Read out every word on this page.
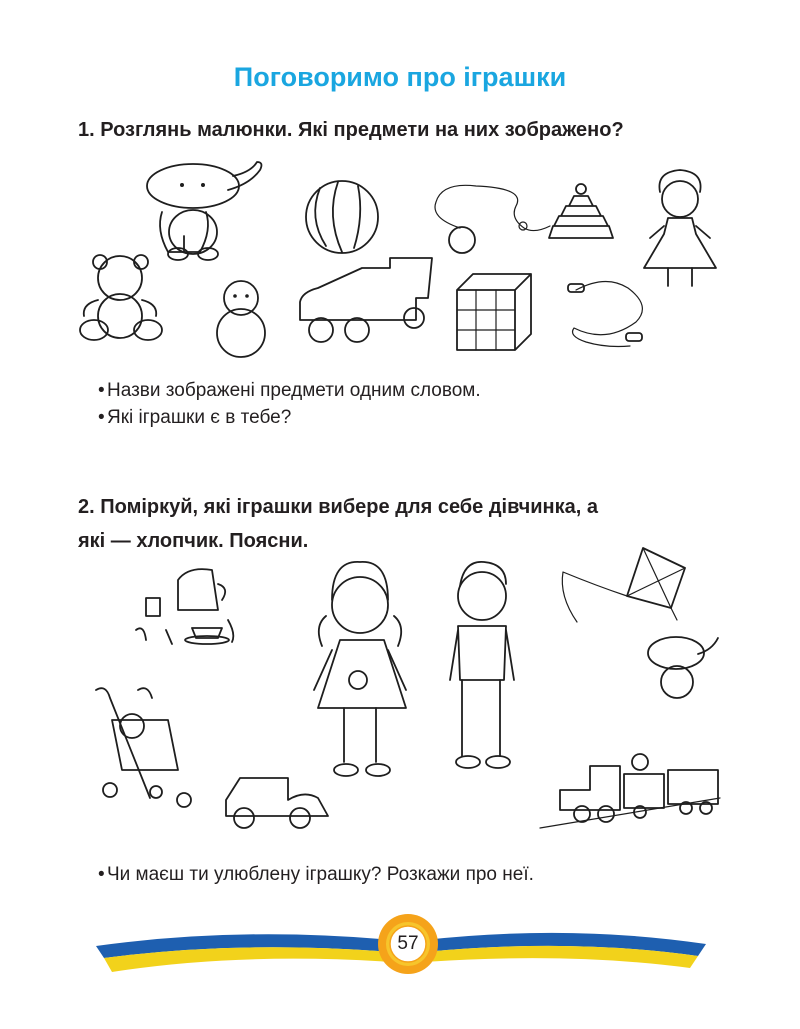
Поговоримо про іграшки
1. Розглянь малюнки. Які предмети на них зображено?
• Назви зображені предмети одним словом.
• Які іграшки є в тебе?
2. Поміркуй, які іграшки вибере для себе дівчинка, а
які — хлопчик. Поясни.
• Чи маєш ти улюблену іграшку? Розкажи про неї.
57
